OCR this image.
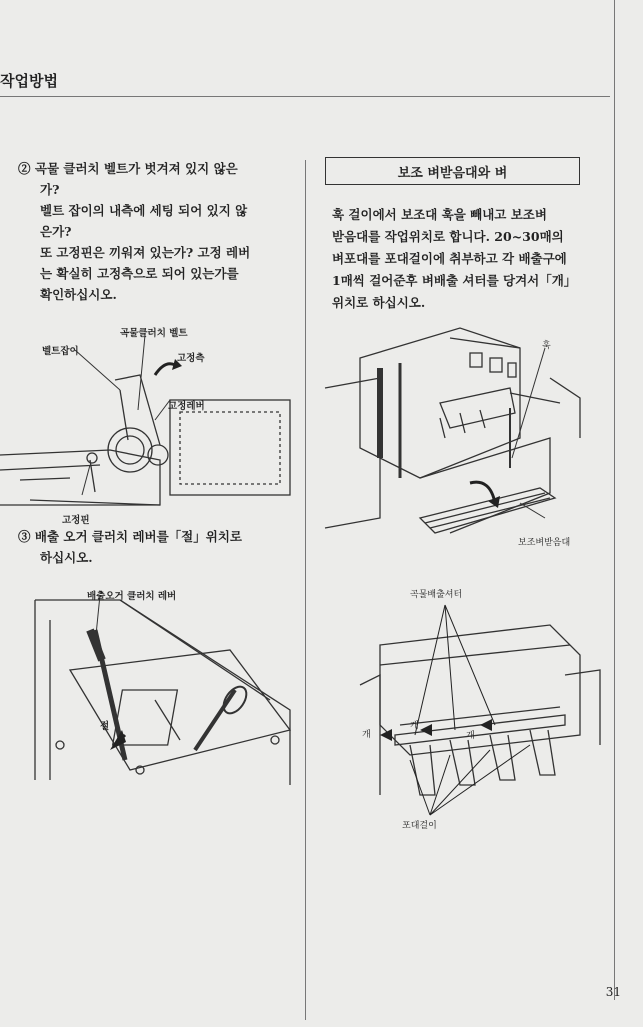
작업방법
② 곡물 클러치 벨트가 벗겨져 있지 않은
가?
벨트 잡이의 내측에 세팅 되어 있지 않
은가?
또 고정핀은 끼워져 있는가? 고정 레버
는 확실히 고정측으로 되어 있는가를
확인하십시오.
곡물클러치 벨트
벨트잡이
고정측
고정레버
고정핀
③ 배출 오거 클러치 레버를「절」위치로
하십시오.
배출오거 클러치 레버
절
보조 벼받음대와 벼
훅 걸이에서 보조대 훅을 빼내고 보조벼
받음대를 작업위치로 합니다. 20~30매의
벼포대를 포대걸이에 취부하고 각 배출구에
1매씩 걸어준후 벼배출 셔터를 당겨서「개」
위치로 하십시오.
훅
보조벼받음대
곡물배출셔터
개
개
개
포대걸이
31
